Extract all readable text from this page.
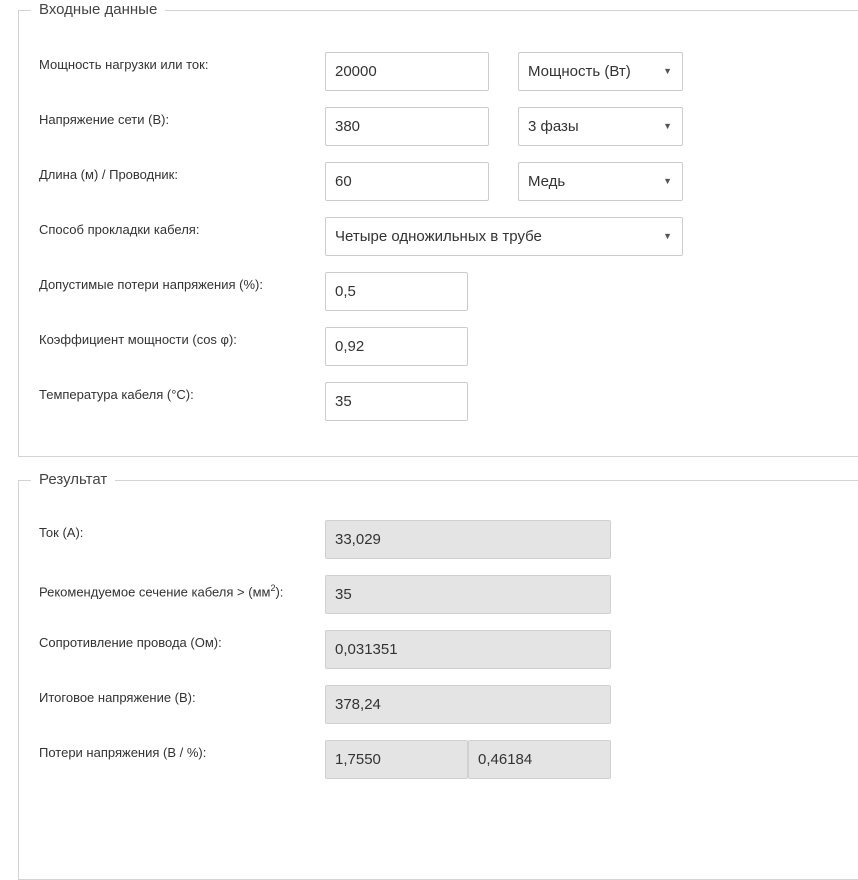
Входные данные
Мощность нагрузки или ток:	20000	Мощность (Вт)	▼
Напряжение сети (В):	380	3 фазы	▼
Длина (м) / Проводник:	60	Медь	▼
Способ прокладки кабеля:	Четыре одножильных в трубе	▼
Допустимые потери напряжения (%):	0,5
Коэффициент мощности (cos φ):	0,92
Температура кабеля (°C):	35
Результат
Ток (А):	33,029
Рекомендуемое сечение кабеля > $(мм^2)$:	35
Сопротивление провода (Ом):	0,031351
Итоговое напряжение (В):	378,24
Потери напряжения (В / %):	1,7550	0,46184
